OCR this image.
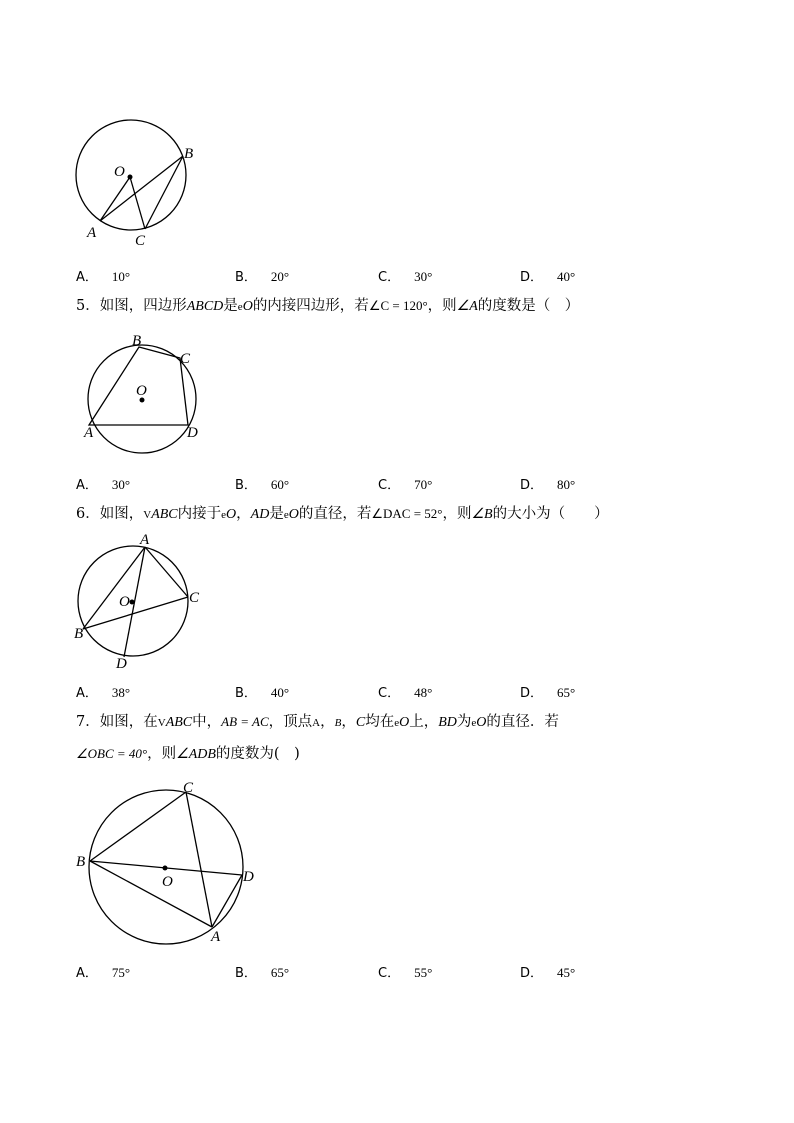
O
B
A	C
A． 10°	B． 20°	C． 30°	D． 40°
5．如图，四边形ABCD是eO的内接四边形，若∠C = 120°，则∠A的度数是（　）
O
B
C
A	D
A． 30°	B． 60°	C． 70°	D． 80°
6．如图，VABC内接于eO，AD是eO的直径，若∠DAC = 52°，则∠B的大小为（　　）
A
O	C
B
D
A． 38°	B． 40°	C． 48°	D． 65°
7．如图，在VABC中，AB = AC，顶点A，B，C均在eO上，BD为eO的直径．若
∠OBC = 40°，则∠ADB的度数为(　)
C
B
O	D
A
A． 75°	B． 65°	C． 55°	D． 45°
